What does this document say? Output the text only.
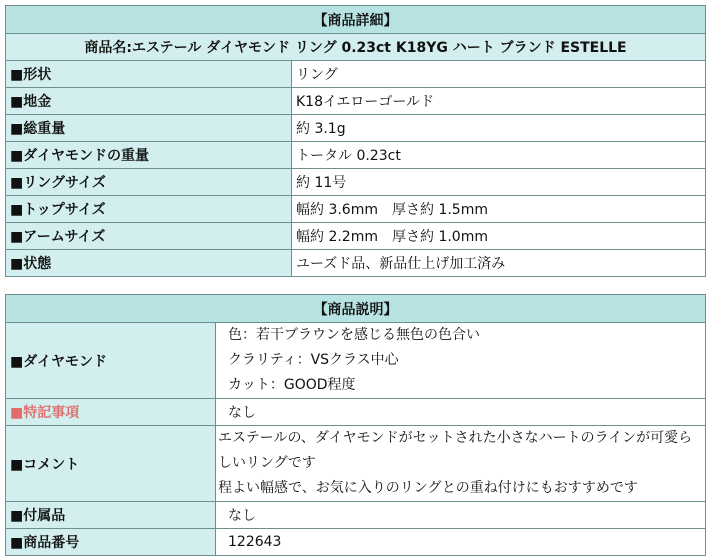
【商品詳細】	
商品名:エステール ダイヤモンド リング 0.23ct K18YG ハート ブランド ESTELLE	
■形状	リング
■地金	K18イエローゴールド
■総重量	約 3.1g
■ダイヤモンドの重量	トータル 0.23ct
■リングサイズ	約 11号
■トップサイズ	幅約 3.6mm　厚さ約 1.5mm
■アームサイズ	幅約 2.2mm　厚さ約 1.0mm
■状態	ユーズド品、新品仕上げ加工済み
【商品説明】	
■ダイヤモンド	色：若干ブラウンを感じる無色の色合い
クラリティ：VSクラス中心
カット：GOOD程度

■特記事項	なし
■コメント	エステールの、ダイヤモンドがセットされた小さなハートのラインが可愛ら
しいリングです
程よい幅感で、お気に入りのリングとの重ね付けにもおすすめです

■付属品	なし
■商品番号	122643
